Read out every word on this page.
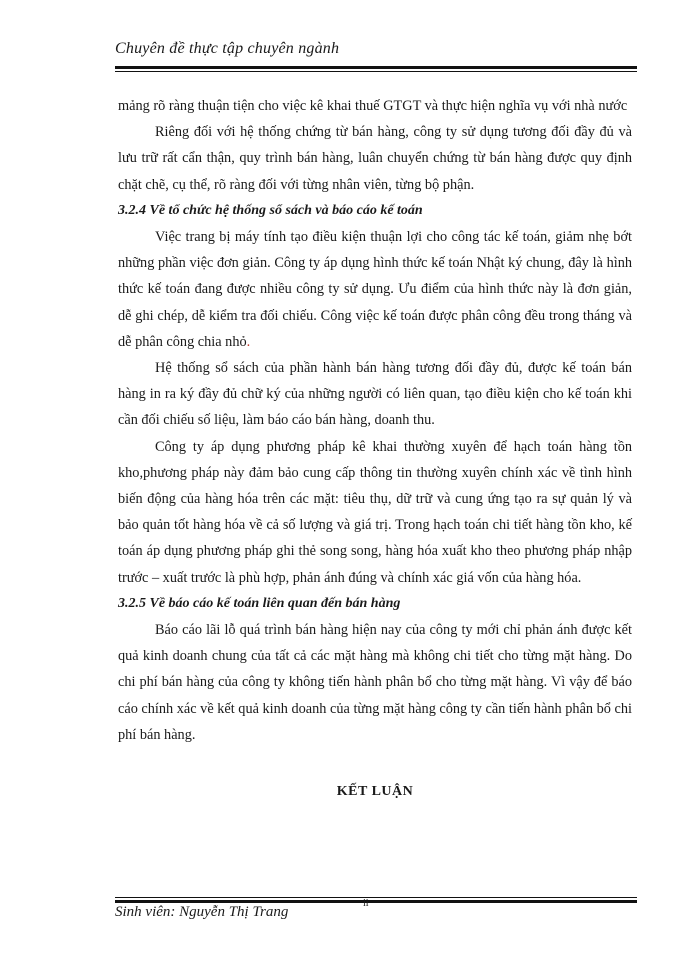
Chuyên đề thực tập chuyên ngành

mảng rõ ràng thuận tiện cho việc kê khai thuế GTGT và thực hiện nghĩa vụ với nhà nước

Riêng đối với hệ thống chứng từ bán hàng, công ty sử dụng tương đối đầy đủ và lưu trữ rất cẩn thận, quy trình bán hàng, luân chuyển chứng từ bán hàng được quy định chặt chẽ, cụ thể, rõ ràng đối với từng nhân viên, từng bộ phận.

3.2.4 Về tổ chức hệ thống sổ sách và báo cáo kế toán

Việc trang bị máy tính tạo điều kiện thuận lợi cho công tác kế toán, giảm nhẹ bớt những phần việc đơn giản. Công ty áp dụng hình thức kế toán Nhật ký chung, đây là hình thức kế toán đang được nhiều công ty sử dụng. Ưu điểm của hình thức này là đơn giản, dễ ghi chép, dễ kiểm tra đối chiếu. Công việc kế toán được phân công đều trong tháng và dễ phân công chia nhỏ.

Hệ thống sổ sách của phần hành bán hàng tương đối đầy đủ, được kế toán bán hàng in ra ký đầy đủ chữ ký của những người có liên quan, tạo điều kiện cho kế toán khi cần đối chiếu số liệu, làm báo cáo bán hàng, doanh thu.

Công ty áp dụng phương pháp kê khai thường xuyên để hạch toán hàng tồn kho,phương pháp này đảm bảo cung cấp thông tin thường xuyên chính xác về tình hình biến động của hàng hóa trên các mặt: tiêu thụ, dữ trữ và cung ứng tạo ra sự quản lý và bảo quản tốt hàng hóa về cả số lượng và giá trị. Trong hạch toán chi tiết hàng tồn kho, kế toán áp dụng phương pháp ghi thẻ song song, hàng hóa xuất kho theo phương pháp nhập trước – xuất trước là phù hợp, phản ánh đúng và chính xác giá vốn của hàng hóa.

3.2.5 Về báo cáo kế toán liên quan đến bán hàng

Báo cáo lãi lỗ quá trình bán hàng hiện nay của công ty mới chỉ phản ánh được kết quả kinh doanh chung của tất cả các mặt hàng mà không chi tiết cho từng mặt hàng. Do chi phí bán hàng của công ty không tiến hành phân bổ cho từng mặt hàng. Vì vậy để báo cáo chính xác về kết quả kinh doanh của từng mặt hàng công ty cần tiến hành phân bổ chi phí bán hàng.

KẾT LUẬN
Sinh viên: Nguyễn Thị Trang
ii
